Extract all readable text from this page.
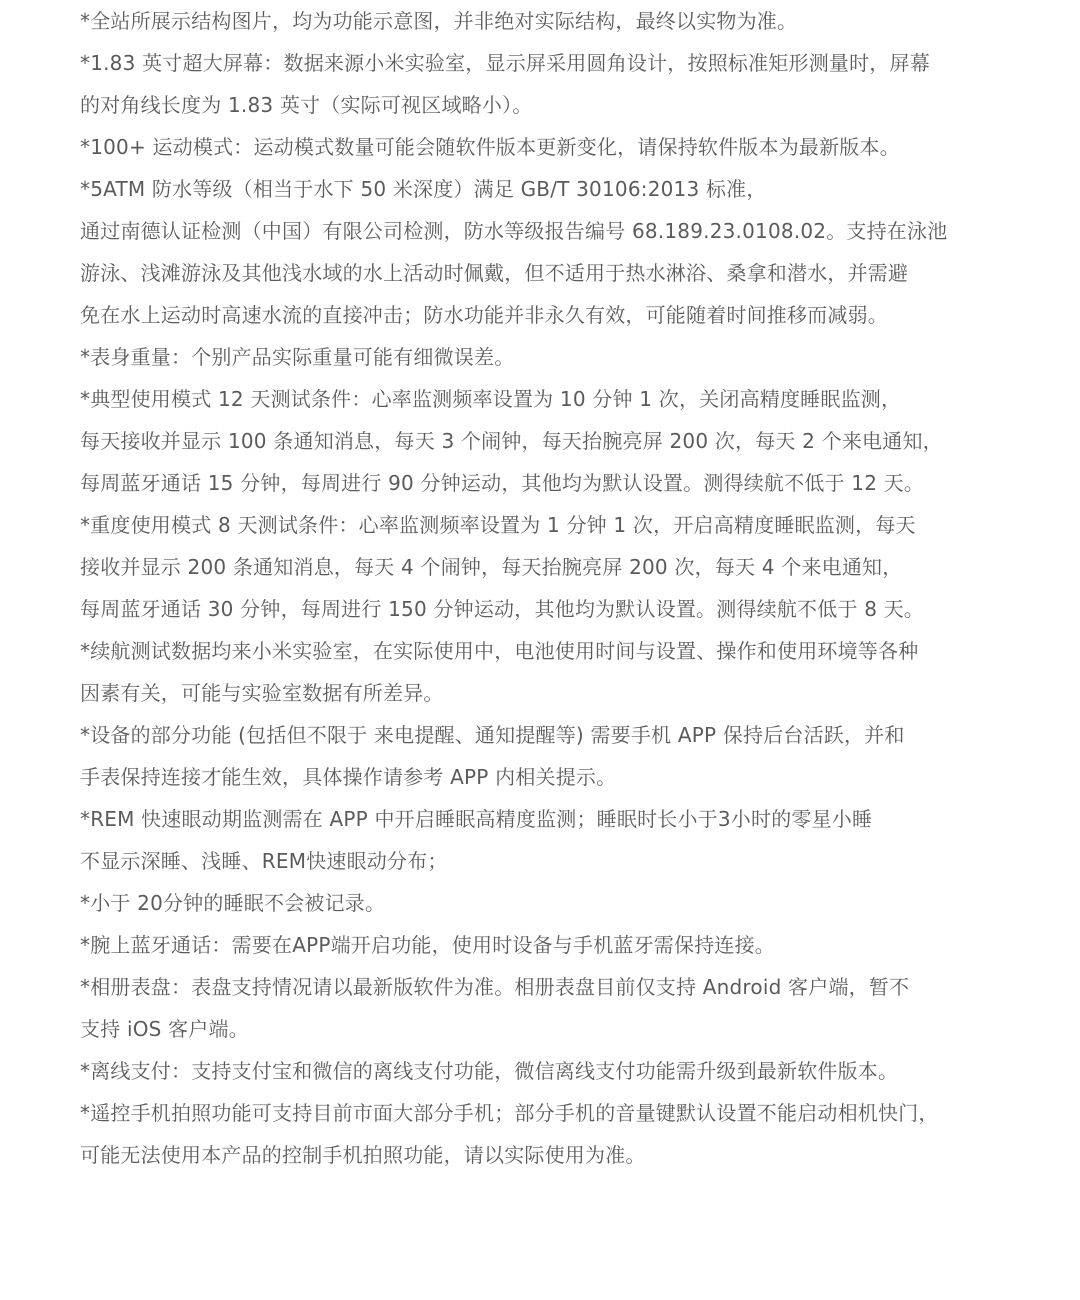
*全站所展示结构图片，均为功能示意图，并非绝对实际结构，最终以实物为准。
*1.83 英寸超大屏幕：数据来源小米实验室，显示屏采用圆角设计，按照标准矩形测量时，屏幕
的对角线长度为 1.83 英寸（实际可视区域略小）。
*100+ 运动模式：运动模式数量可能会随软件版本更新变化，请保持软件版本为最新版本。
*5ATM 防水等级（相当于水下 50 米深度）满足 GB/T 30106:2013 标准，
通过南德认证检测（中国）有限公司检测，防水等级报告编号 68.189.23.0108.02。支持在泳池
游泳、浅滩游泳及其他浅水域的水上活动时佩戴，但不适用于热水淋浴、桑拿和潜水，并需避
免在水上运动时高速水流的直接冲击；防水功能并非永久有效，可能随着时间推移而减弱。
*表身重量：个别产品实际重量可能有细微误差。
*典型使用模式 12 天测试条件：心率监测频率设置为 10 分钟 1 次，关闭高精度睡眠监测，
每天接收并显示 100 条通知消息，每天 3 个闹钟，每天抬腕亮屏 200 次，每天 2 个来电通知，
每周蓝牙通话 15 分钟，每周进行 90 分钟运动，其他均为默认设置。测得续航不低于 12 天。
*重度使用模式 8 天测试条件：心率监测频率设置为 1 分钟 1 次，开启高精度睡眠监测，每天
接收并显示 200 条通知消息，每天 4 个闹钟，每天抬腕亮屏 200 次，每天 4 个来电通知，
每周蓝牙通话 30 分钟，每周进行 150 分钟运动，其他均为默认设置。测得续航不低于 8 天。
*续航测试数据均来小米实验室，在实际使用中，电池使用时间与设置、操作和使用环境等各种
因素有关，可能与实验室数据有所差异。
*设备的部分功能 (包括但不限于 来电提醒、通知提醒等) 需要手机 APP 保持后台活跃，并和
手表保持连接才能生效，具体操作请参考 APP 内相关提示。
*REM 快速眼动期监测需在 APP 中开启睡眠高精度监测；睡眠时长小于3小时的零星小睡
不显示深睡、浅睡、REM快速眼动分布；
*小于 20分钟的睡眠不会被记录。
*腕上蓝牙通话：需要在APP端开启功能，使用时设备与手机蓝牙需保持连接。
*相册表盘：表盘支持情况请以最新版软件为准。相册表盘目前仅支持 Android 客户端，暂不
支持 iOS 客户端。
*离线支付：支持支付宝和微信的离线支付功能，微信离线支付功能需升级到最新软件版本。
*遥控手机拍照功能可支持目前市面大部分手机；部分手机的音量键默认设置不能启动相机快门，
可能无法使用本产品的控制手机拍照功能，请以实际使用为准。
